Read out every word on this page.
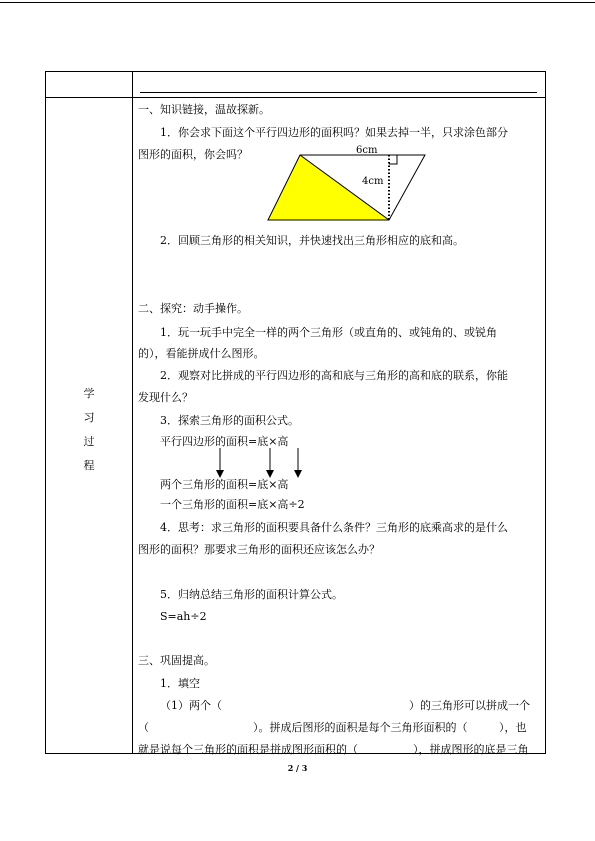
学
习
过
程
一、知识链接，温故探新。
1．你会求下面这个平行四边形的面积吗？如果去掉一半，只求涂色部分
图形的面积，你会吗？	6cm
4cm
2．回顾三角形的相关知识，并快速找出三角形相应的底和高。
二、探究：动手操作。
1．玩一玩手中完全一样的两个三角形（或直角的、或钝角的、或锐角
的），看能拼成什么图形。
2．观察对比拼成的平行四边形的高和底与三角形的高和底的联系，你能
发现什么？
3．探索三角形的面积公式。
平行四边形的面积=底×高
两个三角形的面积=底×高
一个三角形的面积=底×高÷2
4．思考：求三角形的面积要具备什么条件？三角形的底乘高求的是什么
图形的面积？那要求三角形的面积还应该怎么办？
5．归纳总结三角形的面积计算公式。
S=ah÷2
三、巩固提高。
1．填空
（1）两个（	）的三角形可以拼成一个
（	）。拼成后图形的面积是每个三角形面积的（	），也
就是说每个三角形的面积是拼成图形面积的（	），拼成图形的底是三角
2 / 3
